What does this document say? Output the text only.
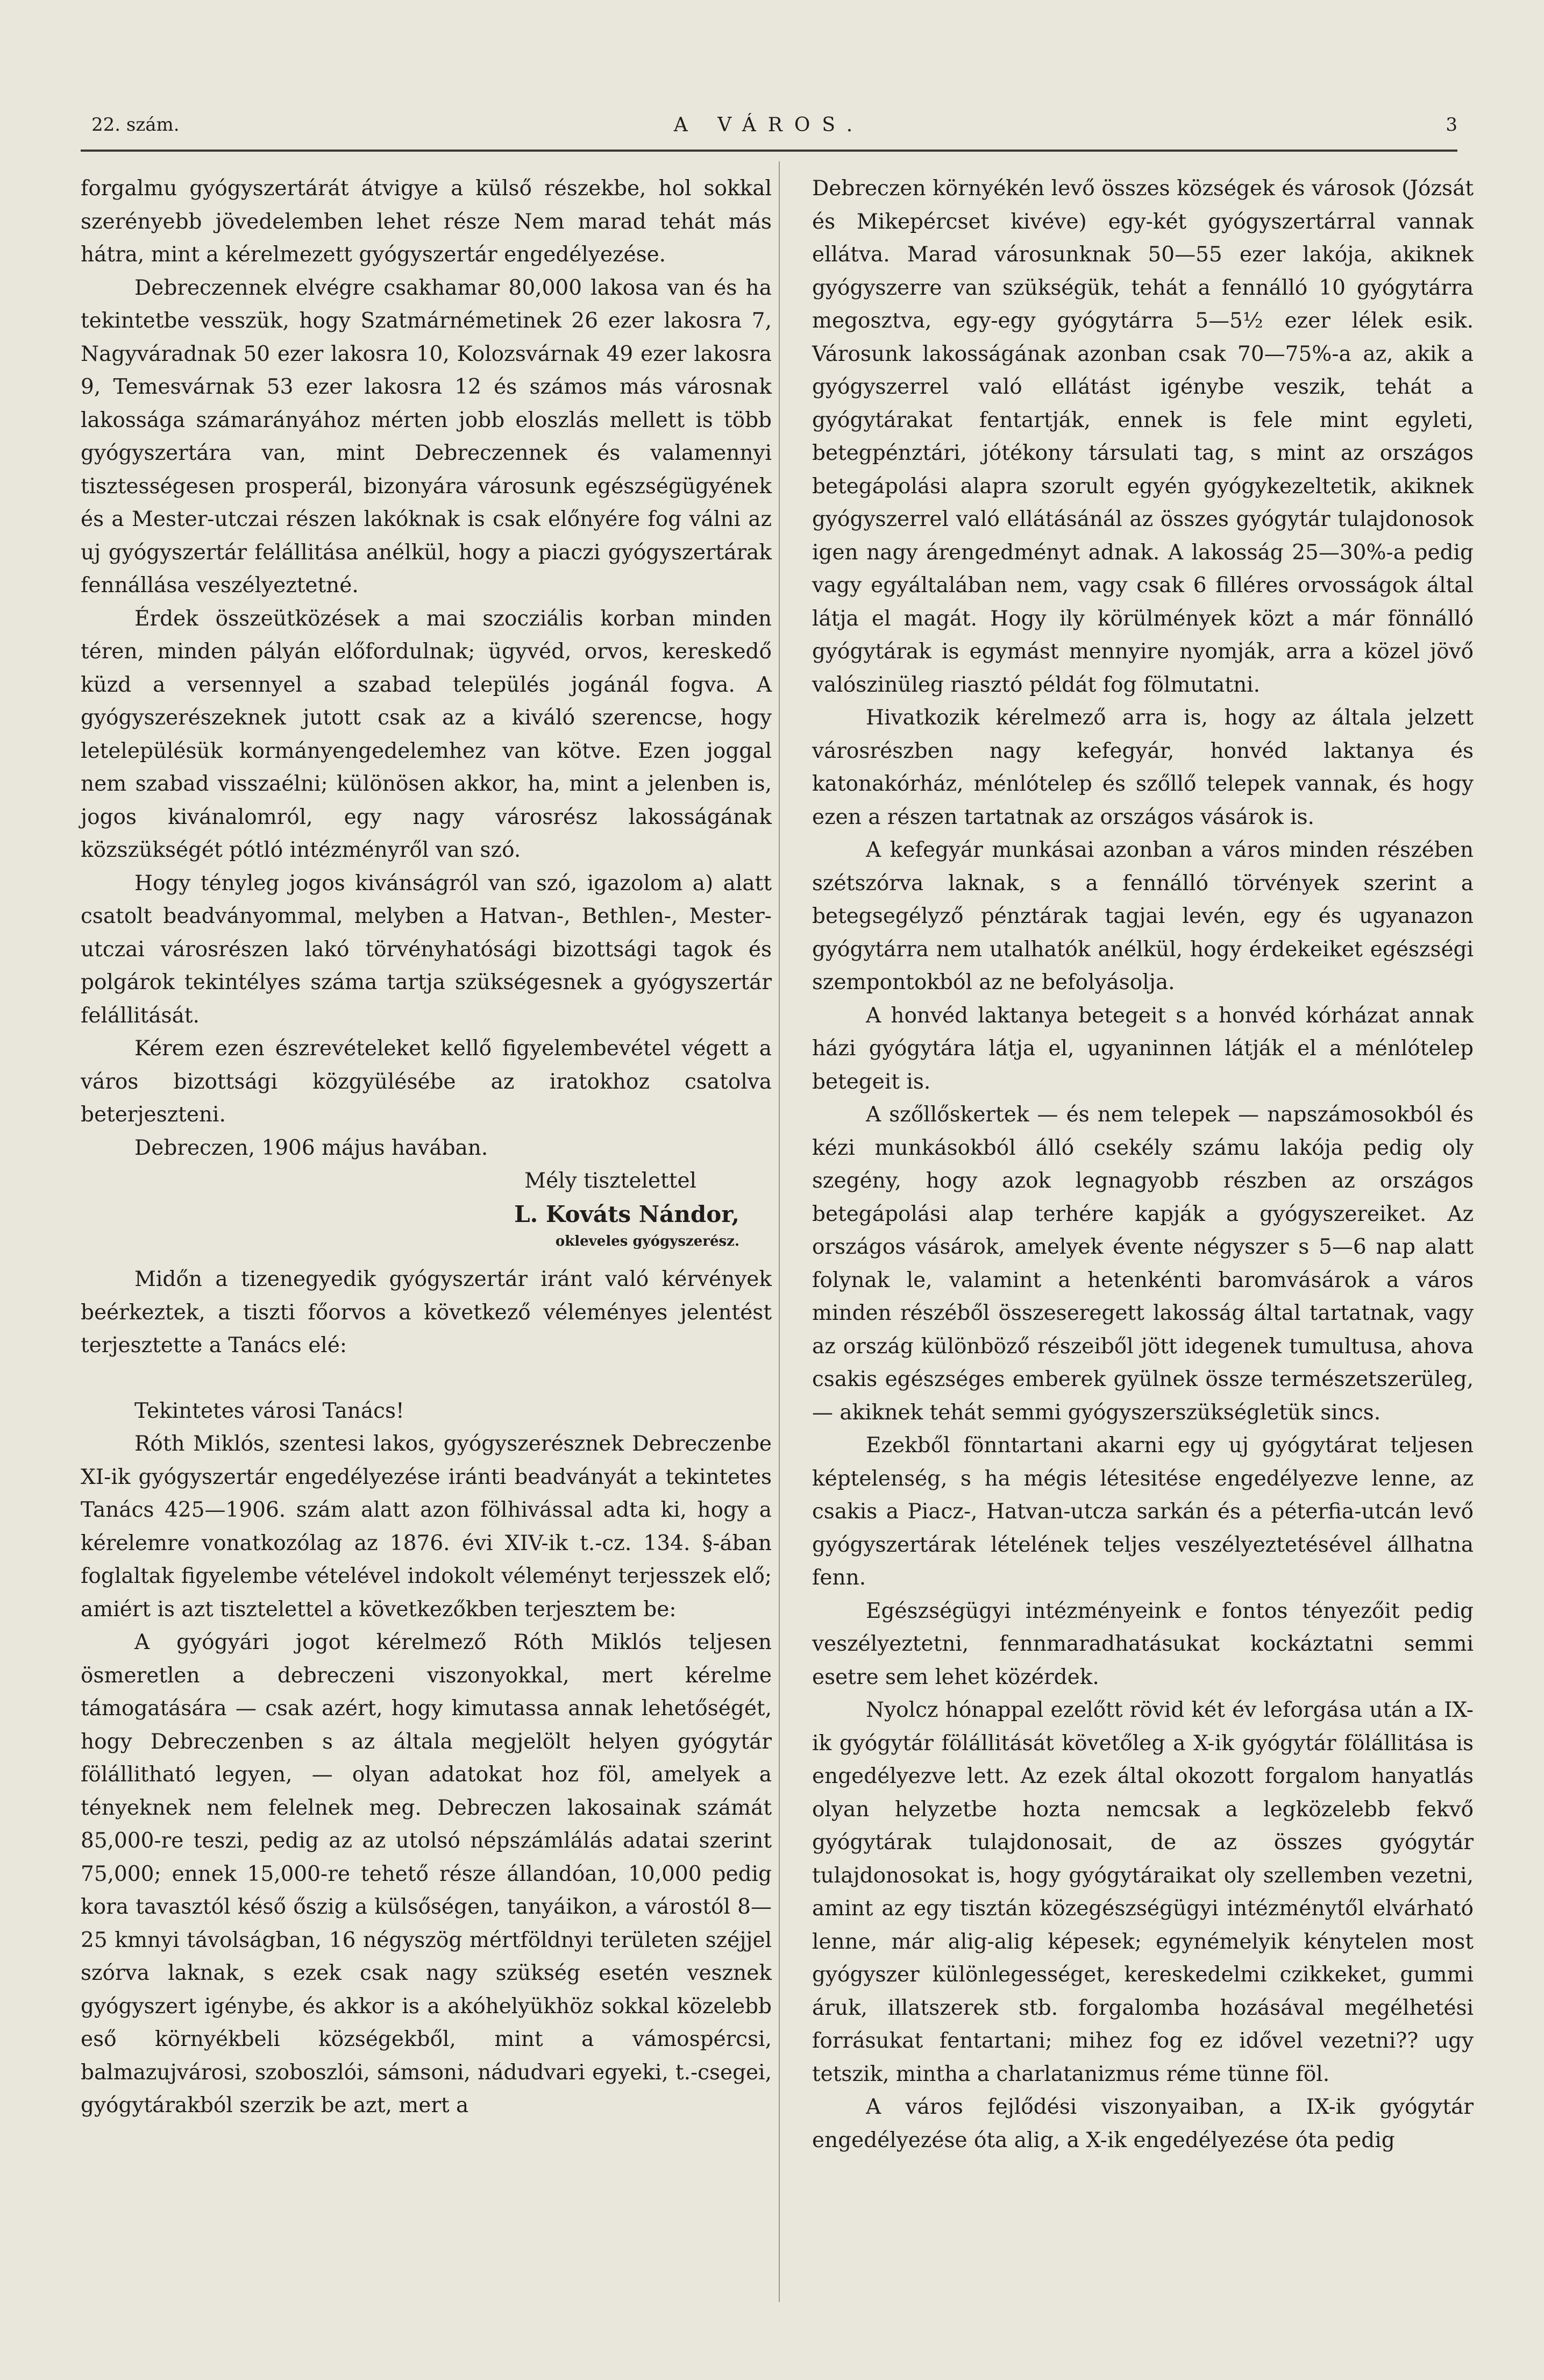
22. szám.	A VÁROS.	3

forgalmu gyógyszertárát átvigye a külső részekbe, hol sokkal szerényebb jövedelemben lehet része Nem marad tehát más hátra, mint a kérelmezett gyógyszertár engedélyezése.

Debreczennek elvégre csakhamar 80,000 lakosa van és ha tekintetbe vesszük, hogy Szatmárnémetinek 26 ezer lakosra 7, Nagyváradnak 50 ezer lakosra 10, Kolozsvárnak 49 ezer lakosra 9, Temesvárnak 53 ezer lakosra 12 és számos más városnak lakossága számarányához mérten jobb eloszlás mellett is több gyógyszertára van, mint Debreczennek és valamennyi tisztességesen prosperál, bizonyára városunk egészségügyének és a Mester-utczai részen lakóknak is csak előnyére fog válni az uj gyógyszertár felállitása anélkül, hogy a piaczi gyógyszertárak fennállása veszélyeztetné.

Érdek összeütközések a mai szocziális korban minden téren, minden pályán előfordulnak; ügyvéd, orvos, kereskedő küzd a versennyel a szabad település jogánál fogva. A gyógyszerészeknek jutott csak az a kiváló szerencse, hogy letelepülésük kormányengedelemhez van kötve. Ezen joggal nem szabad visszaélni; különösen akkor, ha, mint a jelenben is, jogos kivánalomról, egy nagy városrész lakosságának közszükségét pótló intézményről van szó.

Hogy tényleg jogos kivánságról van szó, igazolom a) alatt csatolt beadványommal, melyben a Hatvan-, Bethlen-, Mester-utczai városrészen lakó törvényhatósági bizottsági tagok és polgárok tekintélyes száma tartja szükségesnek a gyógyszertár felállitását.

Kérem ezen észrevételeket kellő figyelembevétel végett a város bizottsági közgyülésébe az iratokhoz csatolva beterjeszteni.

Debreczen, 1906 május havában.

Mély tisztelettel

L. Kováts Nándor,

okleveles gyógyszerész.

Midőn a tizenegyedik gyógyszertár iránt való kérvények beérkeztek, a tiszti főorvos a következő véleményes jelentést terjesztette a Tanács elé:

Tekintetes városi Tanács!

Róth Miklós, szentesi lakos, gyógyszerésznek Debreczenbe XI-ik gyógyszertár engedélyezése iránti beadványát a tekintetes Tanács 425—1906. szám alatt azon fölhivással adta ki, hogy a kérelemre vonatkozólag az 1876. évi XIV-ik t.-cz. 134. §-ában foglaltak figyelembe vételével indokolt véleményt terjesszek elő; amiért is azt tisztelettel a következőkben terjesztem be:

A gyógyári jogot kérelmező Róth Miklós teljesen ösmeretlen a debreczeni viszonyokkal, mert kérelme támogatására — csak azért, hogy kimutassa annak lehetőségét, hogy Debreczenben s az általa megjelölt helyen gyógytár fölállitható legyen, — olyan adatokat hoz föl, amelyek a tényeknek nem felelnek meg. Debreczen lakosainak számát 85,000-re teszi, pedig az az utolsó népszámlálás adatai szerint 75,000; ennek 15,000-re tehető része állandóan, 10,000 pedig kora tavasztól késő őszig a külsőségen, tanyáikon, a várostól 8—25 kmnyi távolságban, 16 négyszög mértföldnyi területen széjjel szórva laknak, s ezek csak nagy szükség esetén vesznek gyógyszert igénybe, és akkor is a akóhelyükhöz sokkal közelebb eső környékbeli községekből, mint a vámospércsi, balmazujvárosi, szoboszlói, sámsoni, nádudvari egyeki, t.-csegei, gyógytárakból szerzik be azt, mert a

Debreczen környékén levő összes községek és városok (Józsát és Mikepércset kivéve) egy-két gyógyszertárral vannak ellátva. Marad városunknak 50—55 ezer lakója, akiknek gyógyszerre van szükségük, tehát a fennálló 10 gyógytárra megosztva, egy-egy gyógytárra 5—5½ ezer lélek esik. Városunk lakosságának azonban csak 70—75%-a az, akik a gyógyszerrel való ellátást igénybe veszik, tehát a gyógytárakat fentartják, ennek is fele mint egyleti, betegpénztári, jótékony társulati tag, s mint az országos betegápolási alapra szorult egyén gyógykezeltetik, akiknek gyógyszerrel való ellátásánál az összes gyógytár tulajdonosok igen nagy árengedményt adnak. A lakosság 25—30%-a pedig vagy egyáltalában nem, vagy csak 6 filléres orvosságok által látja el magát. Hogy ily körülmények közt a már fönnálló gyógytárak is egymást mennyire nyomják, arra a közel jövő valószinüleg riasztó példát fog fölmutatni.

Hivatkozik kérelmező arra is, hogy az általa jelzett városrészben nagy kefegyár, honvéd laktanya és katonakórház, ménlótelep és szőllő telepek vannak, és hogy ezen a részen tartatnak az országos vásárok is.

A kefegyár munkásai azonban a város minden részében szétszórva laknak, s a fennálló törvények szerint a betegsegélyző pénztárak tagjai levén, egy és ugyanazon gyógytárra nem utalhatók anélkül, hogy érdekeiket egészségi szempontokból az ne befolyásolja.

A honvéd laktanya betegeit s a honvéd kórházat annak házi gyógytára látja el, ugyaninnen látják el a ménlótelep betegeit is.

A szőllőskertek — és nem telepek — napszámosokból és kézi munkásokból álló csekély számu lakója pedig oly szegény, hogy azok legnagyobb részben az országos betegápolási alap terhére kapják a gyógyszereiket. Az országos vásárok, amelyek évente négyszer s 5—6 nap alatt folynak le, valamint a hetenkénti baromvásárok a város minden részéből összeseregett lakosság által tartatnak, vagy az ország különböző részeiből jött idegenek tumultusa, ahova csakis egészséges emberek gyülnek össze természetszerüleg, — akiknek tehát semmi gyógyszerszükségletük sincs.

Ezekből fönntartani akarni egy uj gyógytárat teljesen képtelenség, s ha mégis létesitése engedélyezve lenne, az csakis a Piacz-, Hatvan-utcza sarkán és a péterfia-utcán levő gyógyszertárak lételének teljes veszélyeztetésével állhatna fenn.

Egészségügyi intézményeink e fontos tényezőit pedig veszélyeztetni, fennmaradhatásukat kockáztatni semmi esetre sem lehet közérdek.

Nyolcz hónappal ezelőtt rövid két év leforgása után a IX-ik gyógytár fölállitását követőleg a X-ik gyógytár fölállitása is engedélyezve lett. Az ezek által okozott forgalom hanyatlás olyan helyzetbe hozta nemcsak a legközelebb fekvő gyógytárak tulajdonosait, de az összes gyógytár tulajdonosokat is, hogy gyógytáraikat oly szellemben vezetni, amint az egy tisztán közegészségügyi intézménytől elvárható lenne, már alig-alig képesek; egynémelyik kénytelen most gyógyszer különlegességet, kereskedelmi czikkeket, gummi áruk, illatszerek stb. forgalomba hozásával megélhetési forrásukat fentartani; mihez fog ez idővel vezetni?? ugy tetszik, mintha a charlatanizmus réme tünne föl.

A város fejlődési viszonyaiban, a IX-ik gyógytár engedélyezése óta alig, a X-ik engedélyezése óta pedig
